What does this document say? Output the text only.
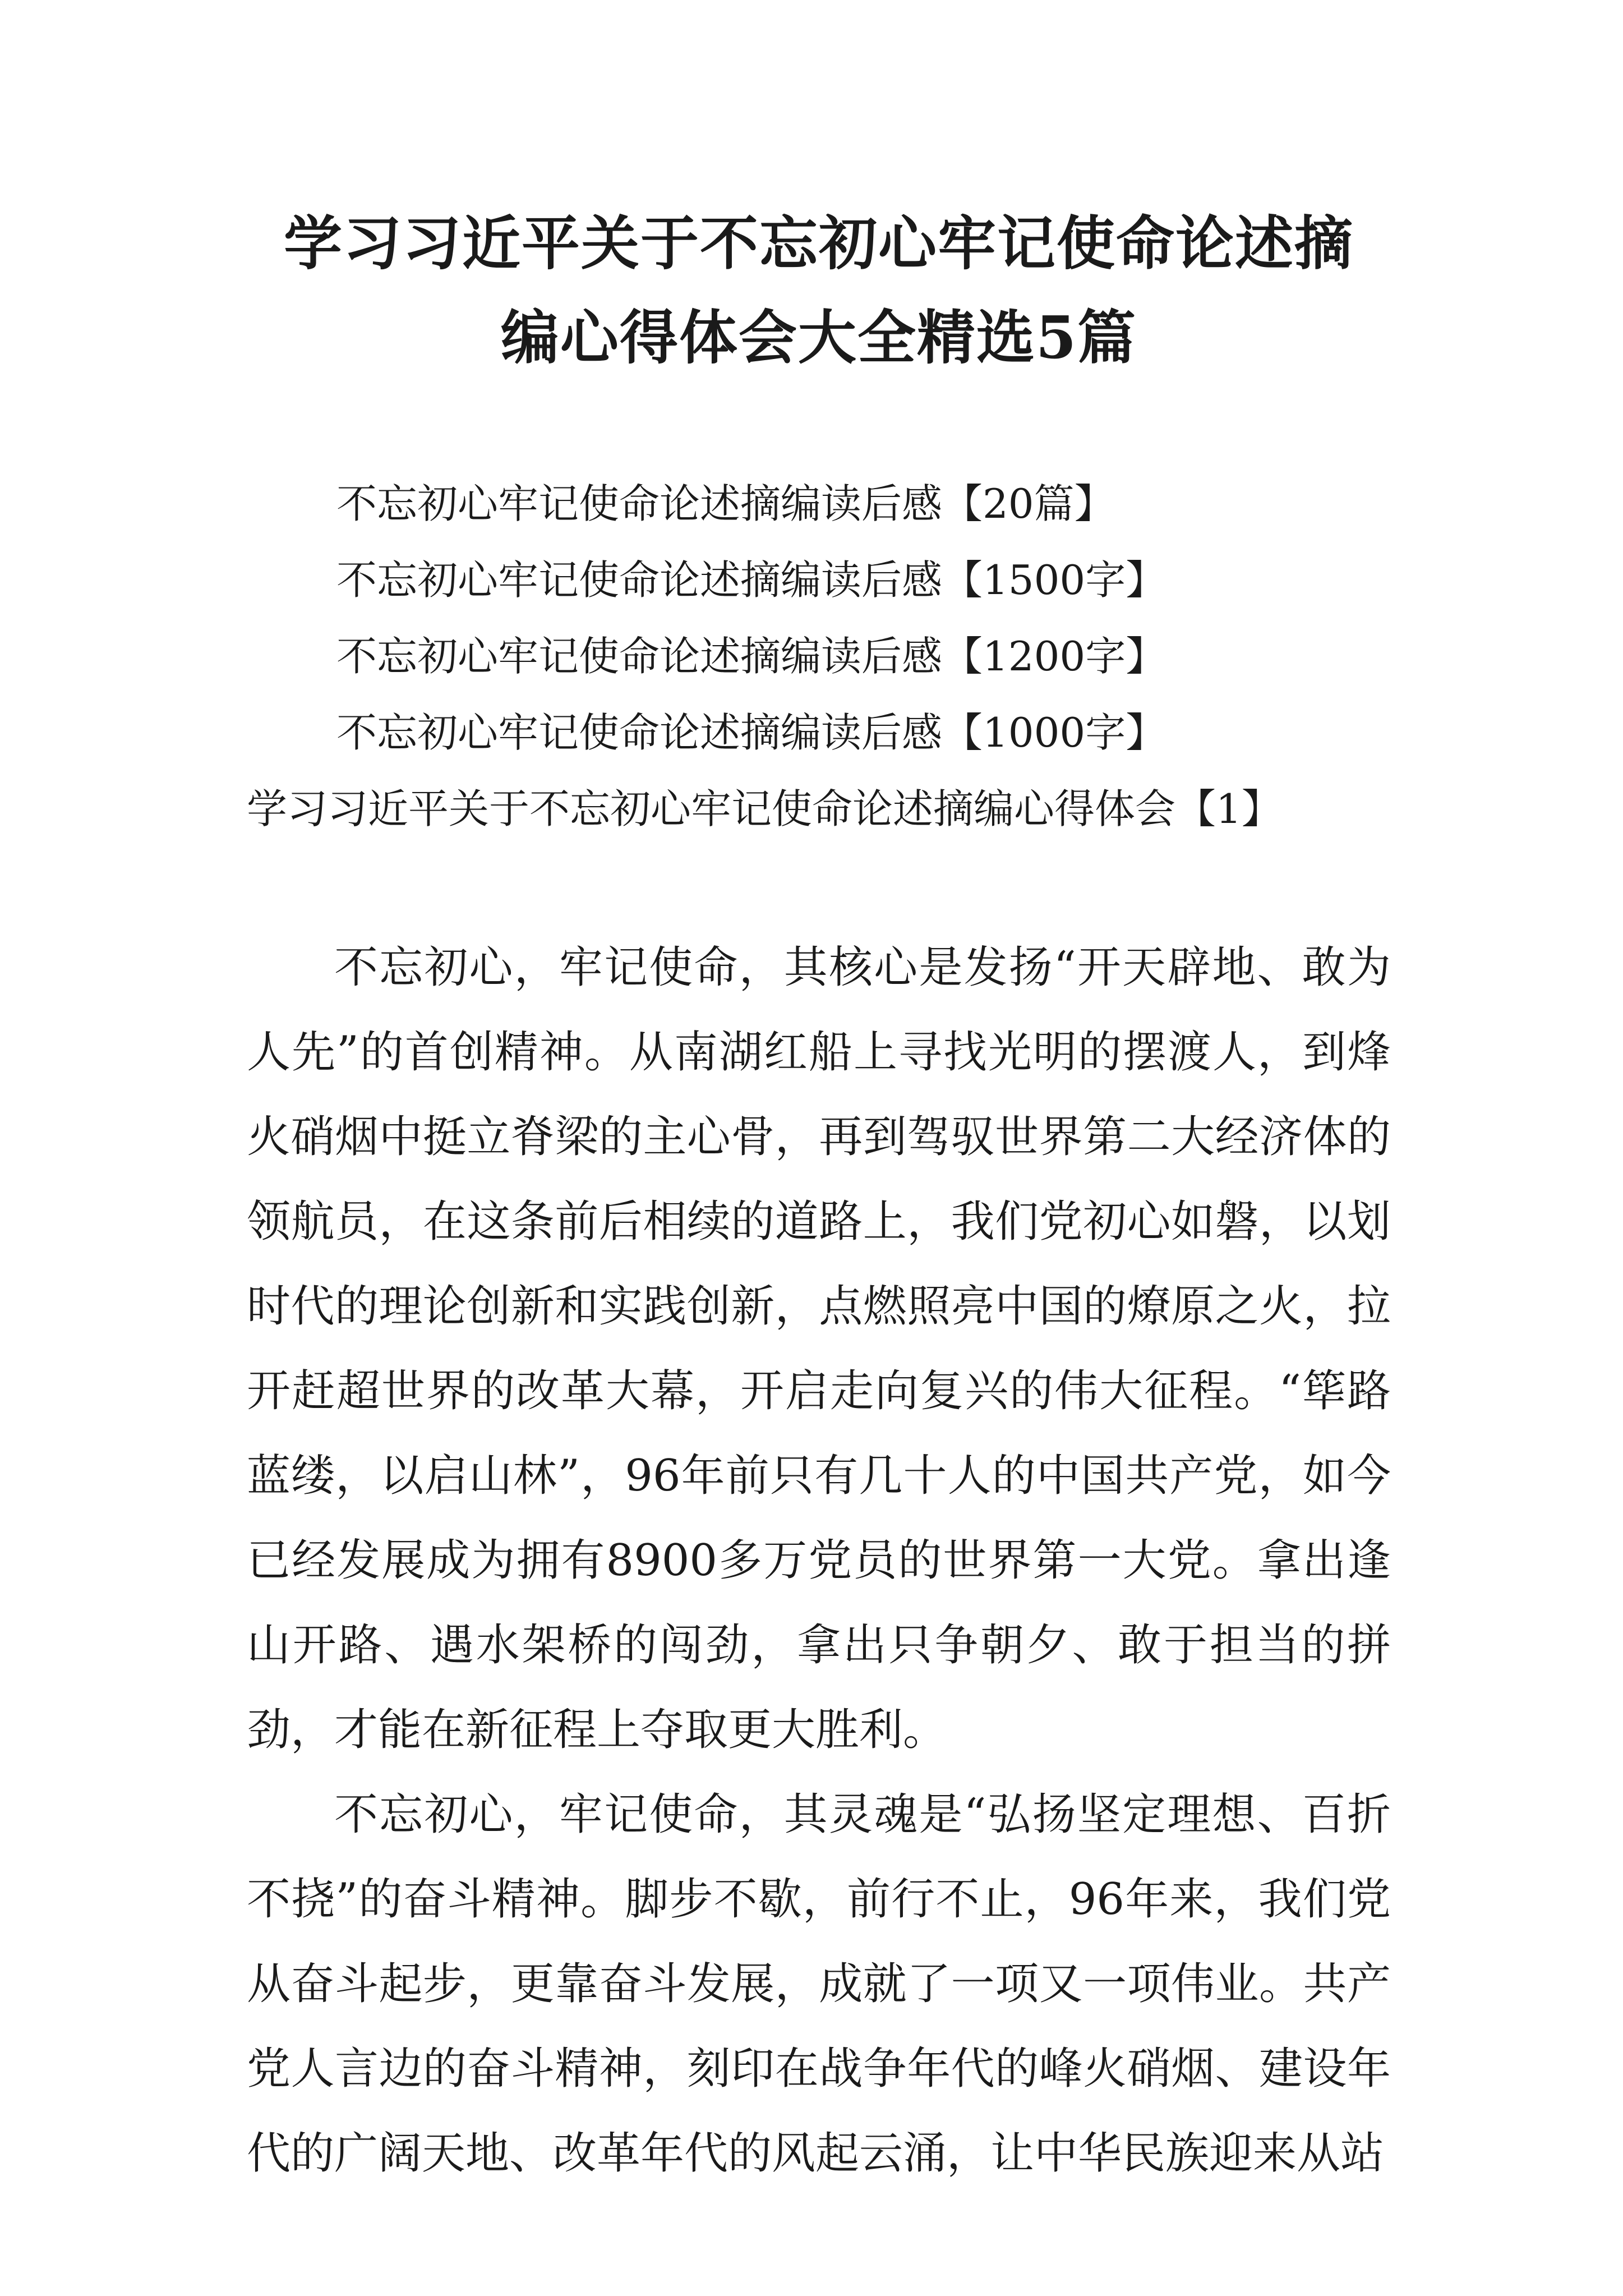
学习习近平关于不忘初心牢记使命论述摘
编心得体会大全精选5篇
不忘初心牢记使命论述摘编读后感【20篇】
不忘初心牢记使命论述摘编读后感【1500字】
不忘初心牢记使命论述摘编读后感【1200字】
不忘初心牢记使命论述摘编读后感【1000字】
学习习近平关于不忘初心牢记使命论述摘编心得体会【1】

不忘初心，牢记使命，其核心是发扬“开天辟地、敢为人先”的首创精神。从南湖红船上寻找光明的摆渡人，到烽火硝烟中挺立脊梁的主心骨，再到驾驭世界第二大经济体的领航员，在这条前后相续的道路上，我们党初心如磐，以划时代的理论创新和实践创新，点燃照亮中国的燎原之火，拉开赶超世界的改革大幕，开启走向复兴的伟大征程。“筚路蓝缕，以启山林”，96年前只有几十人的中国共产党，如今已经发展成为拥有8900多万党员的世界第一大党。拿出逢山开路、遇水架桥的闯劲，拿出只争朝夕、敢于担当的拼劲，才能在新征程上夺取更大胜利。

不忘初心，牢记使命，其灵魂是“弘扬坚定理想、百折不挠”的奋斗精神。脚步不歇，前行不止，96年来，我们党从奋斗起步，更靠奋斗发展，成就了一项又一项伟业。共产党人言边的奋斗精神，刻印在战争年代的峰火硝烟、建设年代的广阔天地、改革年代的风起云涌，让中华民族迎来从站
